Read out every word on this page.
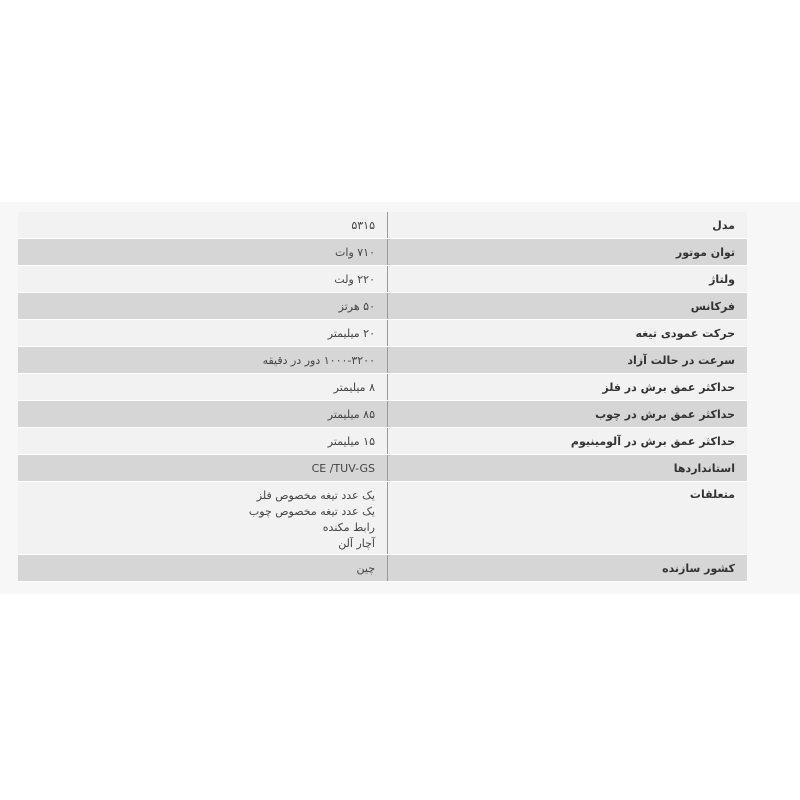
مدل
۵۳۱۵
توان موتور
۷۱۰ وات
ولتاژ
۲۲۰ ولت
فرکانس
۵۰ هرتز
حرکت عمودی تیغه
۲۰ میلیمتر
سرعت در حالت آزاد
۱۰۰۰-۳۲۰۰ دور در دقیقه
حداکثر عمق برش در فلز
۸ میلیمتر
حداکثر عمق برش در چوب
۸۵ میلیمتر
حداکثر عمق برش در آلومینیوم
۱۵ میلیمتر
استانداردها
CE /TUV-GS
متعلقات
یک عدد تیغه مخصوص فلز
یک عدد تیغه مخصوص چوب
رابط مکنده
آچار آلن
کشور سازنده
چین
